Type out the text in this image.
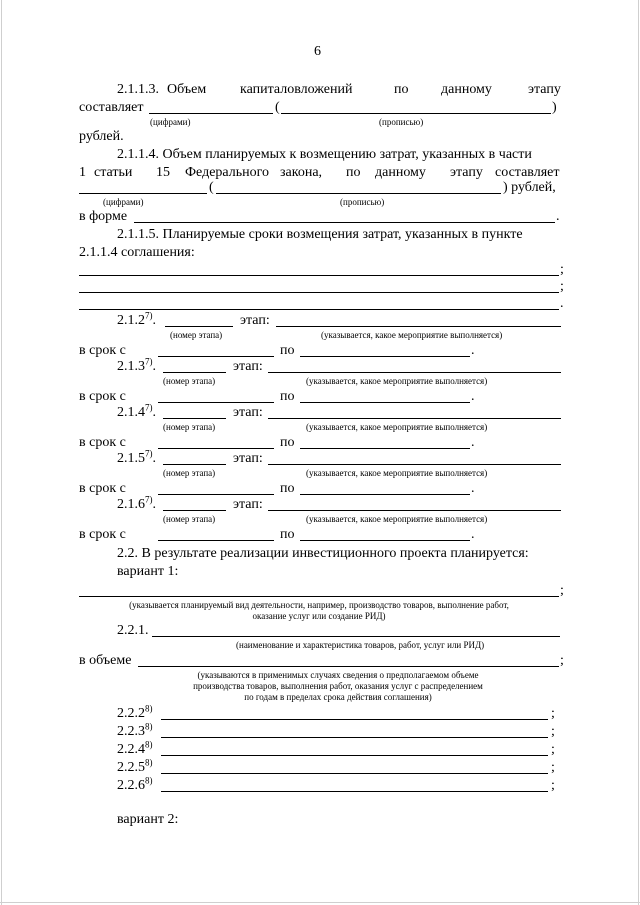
6
2.1.1.3. Объем капиталовложений	по данному	этапу
составляет	(	)
(цифрами)	(прописью)
рублей.
2.1.1.4. Объем планируемых к возмещению затрат, указанных в части
1 статьи 15 Федерального закона, по данному этапу составляет
(	) рублей,
(цифрами)	(прописью)
в форме	.
2.1.1.5. Планируемые сроки возмещения затрат, указанных в пункте
2.1.1.4 соглашения:
;
;
.
2.1.2$^{7)}$.	этап:
(номер этапа)	(указывается, какое мероприятие выполняется)
в срок с	по	.
2.1.3$^{7)}$.	этап:
(номер этапа)	(указывается, какое мероприятие выполняется)
в срок с	по	.
2.1.4$^{7)}$.	этап:
(номер этапа)	(указывается, какое мероприятие выполняется)
в срок с	по	.
2.1.5$^{7)}$.	этап:
(номер этапа)	(указывается, какое мероприятие выполняется)
в срок с	по	.
2.1.6$^{7)}$.	этап:
(номер этапа)	(указывается, какое мероприятие выполняется)
в срок с	по	.
2.2. В результате реализации инвестиционного проекта планируется:
вариант 1:
;
(указывается планируемый вид деятельности, например, производство товаров, выполнение работ,
оказание услуг или создание РИД)
2.2.1.
(наименование и характеристика товаров, работ, услуг или РИД)
в объеме	;
(указываются в применимых случаях сведения о предполагаемом объеме
производства товаров, выполнения работ, оказания услуг с распределением
по годам в пределах срока действия соглашения)
2.2.2$^{8)}$	;
2.2.3$^{8)}$	;
2.2.4$^{8)}$	;
2.2.5$^{8)}$	;
2.2.6$^{8)}$	;
вариант 2:
